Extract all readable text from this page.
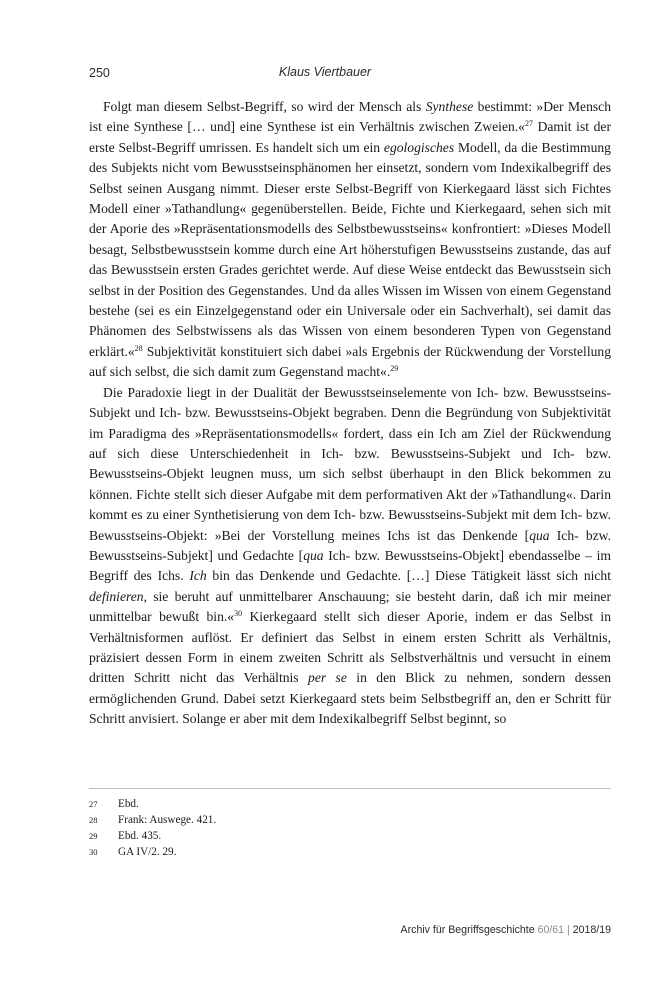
250	Klaus Viertbauer

Folgt man diesem Selbst-Begriff, so wird der Mensch als Synthese bestimmt: »Der Mensch ist eine Synthese [… und] eine Synthese ist ein Verhältnis zwischen Zweien.«$^{27}$ Damit ist der erste Selbst-Begriff umrissen. Es handelt sich um ein egologisches Modell, da die Bestimmung des Subjekts nicht vom Bewusstseinsphänomen her einsetzt, sondern vom Indexikalbegriff des Selbst seinen Ausgang nimmt. Dieser erste Selbst-Begriff von Kierkegaard lässt sich Fichtes Modell einer »Tathandlung« gegenüberstellen. Beide, Fichte und Kierkegaard, sehen sich mit der Aporie des »Repräsentationsmodells des Selbstbewusstseins« konfrontiert: »Dieses Modell besagt, Selbstbewusstsein komme durch eine Art höherstufigen Bewusstseins zustande, das auf das Bewusstsein ersten Grades gerichtet werde. Auf diese Weise entdeckt das Bewusstsein sich selbst in der Position des Gegenstandes. Und da alles Wissen im Wissen von einem Gegenstand bestehe (sei es ein Einzelgegenstand oder ein Universale oder ein Sachverhalt), sei damit das Phänomen des Selbstwissens als das Wissen von einem besonderen Typen von Gegenstand erklärt.«$^{28}$ Subjektivität konstituiert sich dabei »als Ergebnis der Rückwendung der Vorstellung auf sich selbst, die sich damit zum Gegenstand macht«.$^{29}$

Die Paradoxie liegt in der Dualität der Bewusstseinselemente von Ich- bzw. Bewusstseins-Subjekt und Ich- bzw. Bewusstseins-Objekt begraben. Denn die Begründung von Subjektivität im Paradigma des »Repräsentationsmodells« fordert, dass ein Ich am Ziel der Rückwendung auf sich diese Unterschiedenheit in Ich- bzw. Bewusstseins-Subjekt und Ich- bzw. Bewusstseins-Objekt leugnen muss, um sich selbst überhaupt in den Blick bekommen zu können. Fichte stellt sich dieser Aufgabe mit dem performativen Akt der »Tathandlung«. Darin kommt es zu einer Synthetisierung von dem Ich- bzw. Bewusstseins-Subjekt mit dem Ich- bzw. Bewusstseins-Objekt: »Bei der Vorstellung meines Ichs ist das Denkende [qua Ich- bzw. Bewusstseins-Subjekt] und Gedachte [qua Ich- bzw. Bewusstseins-Objekt] ebendasselbe – im Begriff des Ichs. Ich bin das Denkende und Gedachte. […] Diese Tätigkeit lässt sich nicht definieren, sie beruht auf unmittelbarer Anschauung; sie besteht darin, daß ich mir meiner unmittelbar bewußt bin.«$^{30}$ Kierkegaard stellt sich dieser Aporie, indem er das Selbst in Verhältnisformen auflöst. Er definiert das Selbst in einem ersten Schritt als Verhältnis, präzisiert dessen Form in einem zweiten Schritt als Selbstverhältnis und versucht in einem dritten Schritt nicht das Verhältnis per se in den Blick zu nehmen, sondern dessen ermöglichenden Grund. Dabei setzt Kierkegaard stets beim Selbstbegriff an, den er Schritt für Schritt anvisiert. Solange er aber mit dem Indexikalbegriff Selbst beginnt, so

27	Ebd.
28	Frank: Auswege. 421.
29	Ebd. 435.
30	GA IV/2. 29.
Archiv für Begriffsgeschichte 60/61 | 2018/19
